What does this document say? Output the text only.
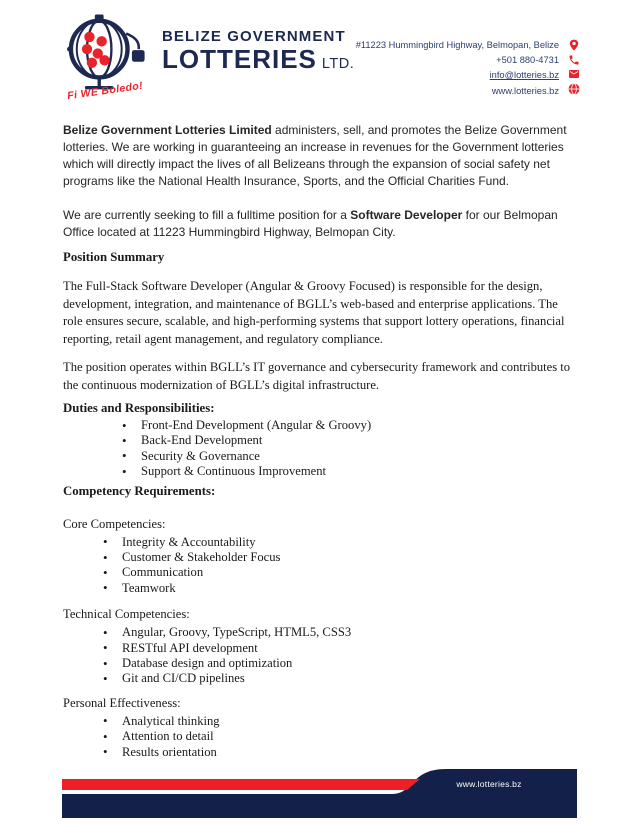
BELIZE GOVERNMENT
LOTTERIES LTD.
Fi WE Boledo!
#11223 Hummingbird Highway, Belmopan, Belize
+501 880-4731
info@lotteries.bz
www.lotteries.bz

Belize Government Lotteries Limited administers, sell, and promotes the Belize Government lotteries. We are working in guaranteeing an increase in revenues for the Government lotteries which will directly impact the lives of all Belizeans through the expansion of social safety net programs like the National Health Insurance, Sports, and the Official Charities Fund.

We are currently seeking to fill a fulltime position for a Software Developer for our Belmopan Office located at 11223 Hummingbird Highway, Belmopan City.

Position Summary

The Full-Stack Software Developer (Angular & Groovy Focused) is responsible for the design, development, integration, and maintenance of BGLL’s web-based and enterprise applications. The role ensures secure, scalable, and high-performing systems that support lottery operations, financial reporting, retail agent management, and regulatory compliance.

The position operates within BGLL’s IT governance and cybersecurity framework and contributes to the continuous modernization of BGLL’s digital infrastructure.

Duties and Responsibilities:
• Front-End Development (Angular & Groovy)
• Back-End Development
• Security & Governance
• Support & Continuous Improvement
Competency Requirements:
Core Competencies:
• Integrity & Accountability
• Customer & Stakeholder Focus
• Communication
• Teamwork
Technical Competencies:
• Angular, Groovy, TypeScript, HTML5, CSS3
• RESTful API development
• Database design and optimization
• Git and CI/CD pipelines
Personal Effectiveness:
• Analytical thinking
• Attention to detail
• Results orientation
www.lotteries.bz
